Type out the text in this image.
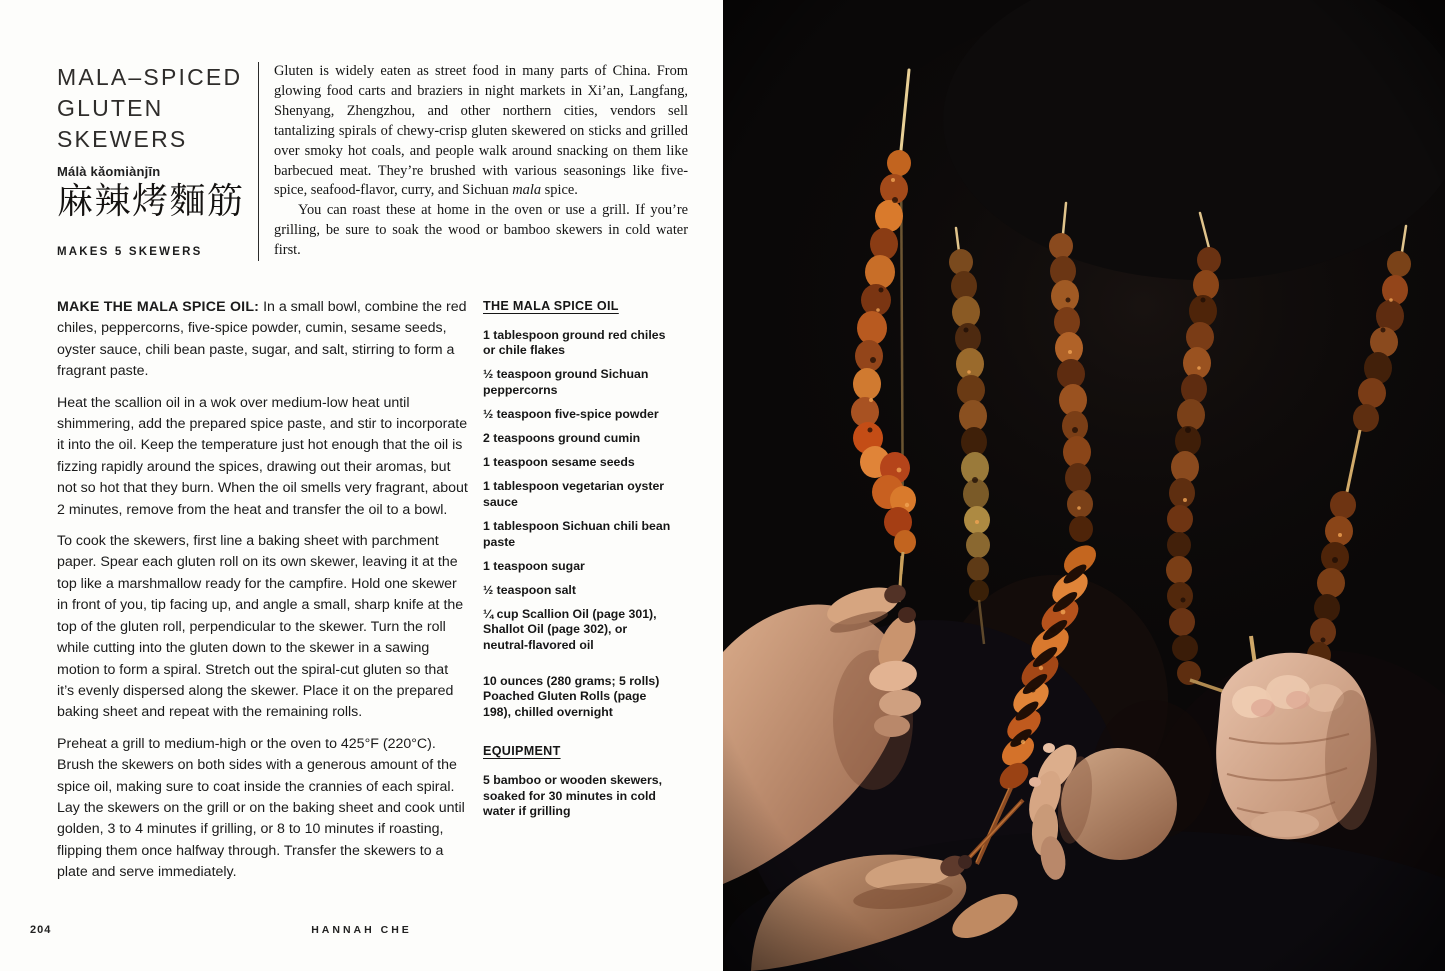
MALA–SPICED
GLUTEN
SKEWERS
Málà kǎomiànjīn
麻辣烤麵筋
MAKES 5 SKEWERS

Gluten is widely eaten as street food in many parts of China. From glowing food carts and braziers in night markets in Xi’an, Langfang, Shenyang, Zhengzhou, and other northern cities, vendors sell tantalizing spirals of chewy-crisp gluten skewered on sticks and grilled over smoky hot coals, and people walk around snacking on them like barbecued meat. They’re brushed with various seasonings like five-spice, seafood-flavor, curry, and Sichuan mala spice.

You can roast these at home in the oven or use a grill. If you’re grilling, be sure to soak the wood or bamboo skewers in cold water first.

MAKE THE MALA SPICE OIL: In a small bowl, combine the red chiles, peppercorns, five-spice powder, cumin, sesame seeds, oyster sauce, chili bean paste, sugar, and salt, stirring to form a fragrant paste.

Heat the scallion oil in a wok over medium-low heat until shimmering, add the prepared spice paste, and stir to incorporate it into the oil. Keep the temperature just hot enough that the oil is fizzing rapidly around the spices, drawing out their aromas, but not so hot that they burn. When the oil smells very fragrant, about 2 minutes, remove from the heat and transfer the oil to a bowl.

To cook the skewers, first line a baking sheet with parchment paper. Spear each gluten roll on its own skewer, leaving it at the top like a marshmallow ready for the campfire. Hold one skewer in front of you, tip facing up, and angle a small, sharp knife at the top of the gluten roll, perpendicular to the skewer. Turn the roll while cutting into the gluten down to the skewer in a sawing motion to form a spiral. Stretch out the spiral-cut gluten so that it’s evenly dispersed along the skewer. Place it on the prepared baking sheet and repeat with the remaining rolls.

Preheat a grill to medium-high or the oven to 425°F (220°C). Brush the skewers on both sides with a generous amount of the spice oil, making sure to coat inside the crannies of each spiral. Lay the skewers on the grill or on the baking sheet and cook until golden, 3 to 4 minutes if grilling, or 8 to 10 minutes if roasting, flipping them once halfway through. Transfer the skewers to a plate and serve immediately.

THE MALA SPICE OIL
1 tablespoon ground red chiles or chile flakes
½ teaspoon ground Sichuan peppercorns
½ teaspoon five-spice powder
2 teaspoons ground cumin
1 teaspoon sesame seeds
1 tablespoon vegetarian oyster sauce
1 tablespoon Sichuan chili bean paste
1 teaspoon sugar
½ teaspoon salt
¼ cup Scallion Oil (page 301), Shallot Oil (page 302), or neutral-flavored oil
10 ounces (280 grams; 5 rolls) Poached Gluten Rolls (page 198), chilled overnight
EQUIPMENT
5 bamboo or wooden skewers, soaked for 30 minutes in cold water if grilling
204	HANNAH CHE
